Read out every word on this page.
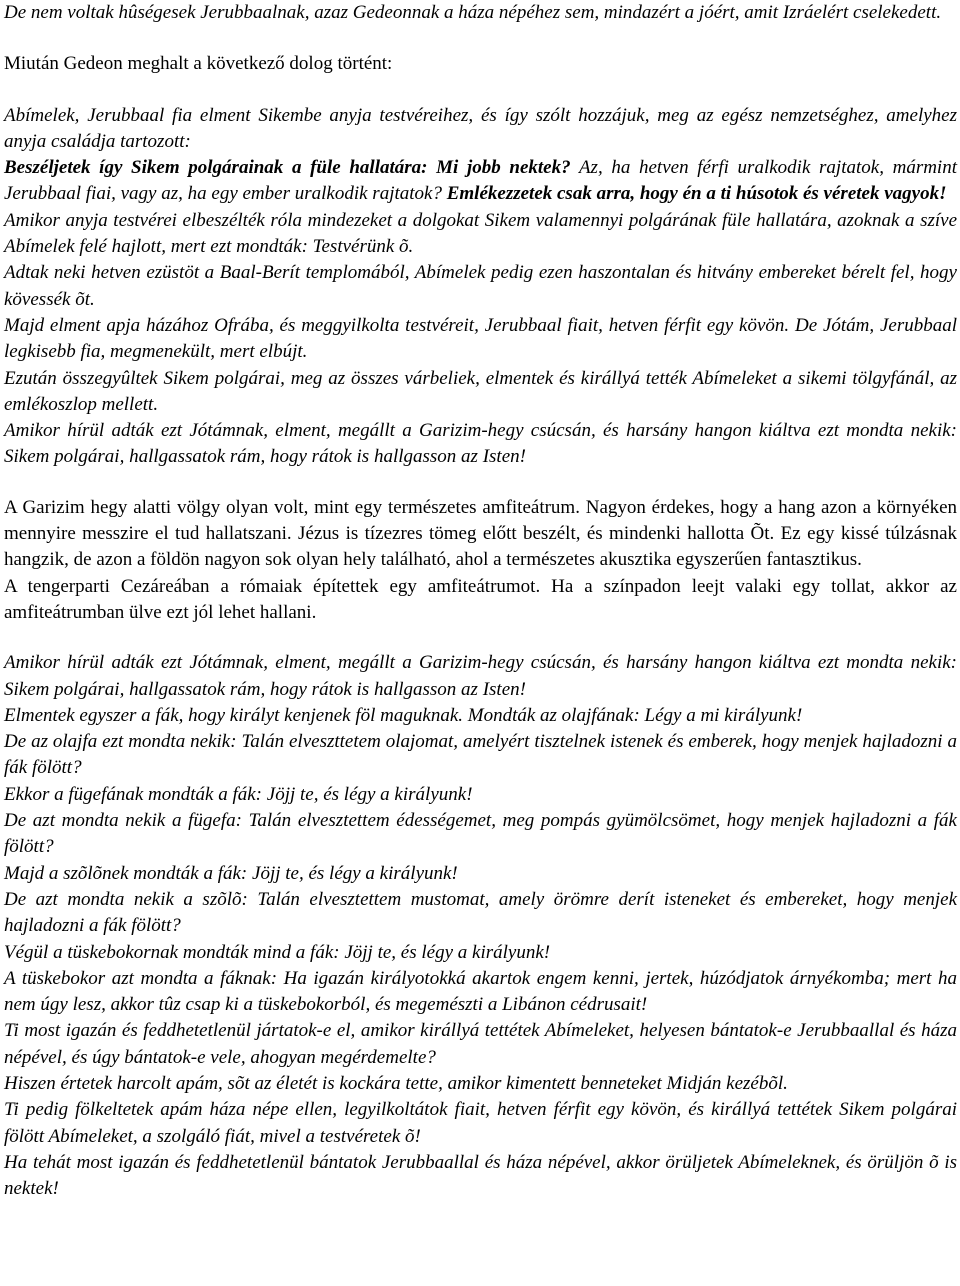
De nem voltak hûségesek Jerubbaalnak, azaz Gedeonnak a háza népéhez sem, mindazért a jóért, amit Izráelért cselekedett.

Miután Gedeon meghalt a következő dolog történt:

Abímelek, Jerubbaal fia elment Sikembe anyja testvéreihez, és így szólt hozzájuk, meg az egész nemzetséghez, amelyhez anyja családja tartozott:

Beszéljetek így Sikem polgárainak a füle hallatára: Mi jobb nektek? Az, ha hetven férfi uralkodik rajtatok, mármint Jerubbaal fiai, vagy az, ha egy ember uralkodik rajtatok? Emlékezzetek csak arra, hogy én a ti húsotok és véretek vagyok!

Amikor anyja testvérei elbeszélték róla mindezeket a dolgokat Sikem valamennyi polgárának füle hallatára, azoknak a szíve Abímelek felé hajlott, mert ezt mondták: Testvérünk õ.

Adtak neki hetven ezüstöt a Baal-Berít templomából, Abímelek pedig ezen haszontalan és hitvány embereket bérelt fel, hogy kövessék õt.

Majd elment apja házához Ofrába, és meggyilkolta testvéreit, Jerubbaal fiait, hetven férfit egy kövön. De Jótám, Jerubbaal legkisebb fia, megmenekült, mert elbújt.

Ezután összegyûltek Sikem polgárai, meg az összes várbeliek, elmentek és királlyá tették Abímeleket a sikemi tölgyfánál, az emlékoszlop mellett.

Amikor hírül adták ezt Jótámnak, elment, megállt a Garizim-hegy csúcsán, és harsány hangon kiáltva ezt mondta nekik: Sikem polgárai, hallgassatok rám, hogy rátok is hallgasson az Isten!

A Garizim hegy alatti völgy olyan volt, mint egy természetes amfiteátrum. Nagyon érdekes, hogy a hang azon a környéken mennyire messzire el tud hallatszani. Jézus is tízezres tömeg előtt beszélt, és mindenki hallotta Õt. Ez egy kissé túlzásnak hangzik, de azon a földön nagyon sok olyan hely található, ahol a természetes akusztika egyszerűen fantasztikus.

A tengerparti Cezáreában a rómaiak építettek egy amfiteátrumot. Ha a színpadon leejt valaki egy tollat, akkor az amfiteátrumban ülve ezt jól lehet hallani.

Amikor hírül adták ezt Jótámnak, elment, megállt a Garizim-hegy csúcsán, és harsány hangon kiáltva ezt mondta nekik: Sikem polgárai, hallgassatok rám, hogy rátok is hallgasson az Isten!

Elmentek egyszer a fák, hogy királyt kenjenek föl maguknak. Mondták az olajfának: Légy a mi királyunk!

De az olajfa ezt mondta nekik: Talán elveszttetem olajomat, amelyért tisztelnek istenek és emberek, hogy menjek hajladozni a fák fölött?

Ekkor a fügefának mondták a fák: Jöjj te, és légy a királyunk!

De azt mondta nekik a fügefa: Talán elvesztettem édességemet, meg pompás gyümölcsömet, hogy menjek hajladozni a fák fölött?

Majd a szõlõnek mondták a fák: Jöjj te, és légy a királyunk!

De azt mondta nekik a szõlõ: Talán elvesztettem mustomat, amely örömre derít isteneket és embereket, hogy menjek hajladozni a fák fölött?

Végül a tüskebokornak mondták mind a fák: Jöjj te, és légy a királyunk!

A tüskebokor azt mondta a fáknak: Ha igazán királyotokká akartok engem kenni, jertek, húzódjatok árnyékomba; mert ha nem úgy lesz, akkor tûz csap ki a tüskebokorból, és megemészti a Libánon cédrusait!

Ti most igazán és feddhetetlenül jártatok-e el, amikor királlyá tettétek Abímeleket, helyesen bántatok-e Jerubbaallal és háza népével, és úgy bántatok-e vele, ahogyan megérdemelte?

Hiszen értetek harcolt apám, sõt az életét is kockára tette, amikor kimentett benneteket Midján kezébõl.

Ti pedig fölkeltetek apám háza népe ellen, legyilkoltátok fiait, hetven férfit egy kövön, és királlyá tettétek Sikem polgárai fölött Abímeleket, a szolgáló fiát, mivel a testvéretek õ!

Ha tehát most igazán és feddhetetlenül bántatok Jerubbaallal és háza népével, akkor örüljetek Abímeleknek, és örüljön õ is nektek!
